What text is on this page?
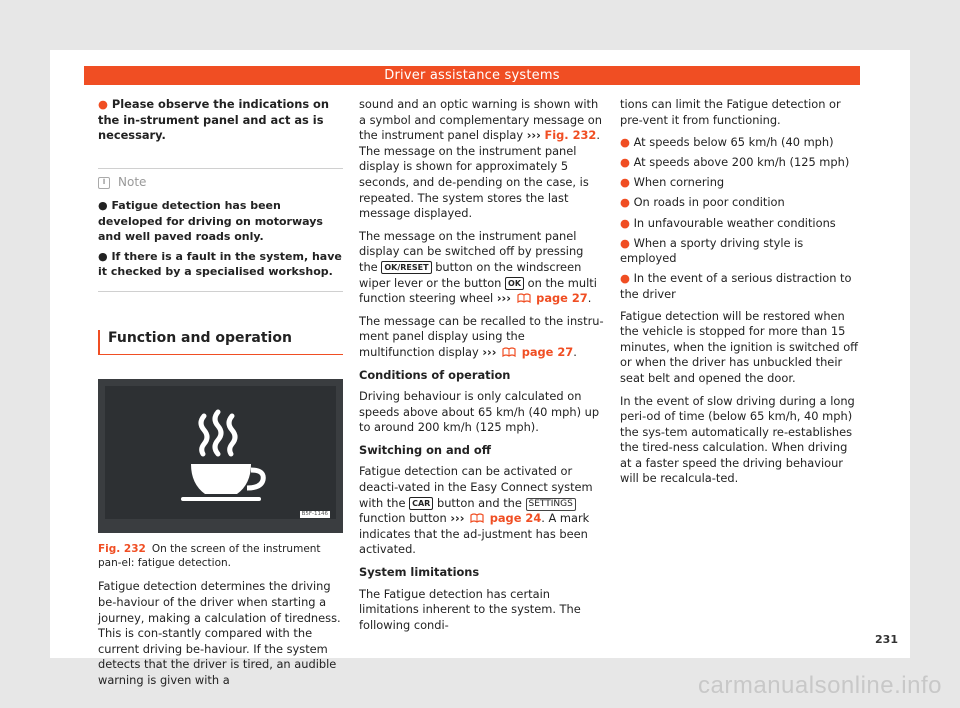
Driver assistance systems
● Please observe the indications on the in-strument panel and act as is necessary.
i	Note

● Fatigue detection has been developed for driving on motorways and well paved roads only.

● If there is a fault in the system, have it checked by a specialised workshop.

Function and operation
B5F-1146
Fig. 232 On the screen of the instrument pan-el: fatigue detection.
Fatigue detection determines the driving be-haviour of the driver when starting a journey, making a calculation of tiredness. This is con-stantly compared with the current driving be-haviour. If the system detects that the driver is tired, an audible warning is given with a

sound and an optic warning is shown with a symbol and complementary message on the instrument panel display ››› Fig. 232. The message on the instrument panel display is shown for approximately 5 seconds, and de-pending on the case, is repeated. The system stores the last message displayed.

The message on the instrument panel display can be switched off by pressing the OK/RESET button on the windscreen wiper lever or the button OK on the multi function steering wheel ››› page 27.

The message can be recalled to the instru-ment panel display using the multifunction display ››› page 27.

Conditions of operation

Driving behaviour is only calculated on speeds above about 65 km/h (40 mph) up to around 200 km/h (125 mph).

Switching on and off

Fatigue detection can be activated or deacti-vated in the Easy Connect system with the CAR button and the SETTINGS function button ››› page 24. A mark indicates that the ad-justment has been activated.

System limitations

The Fatigue detection has certain limitations inherent to the system. The following condi-

tions can limit the Fatigue detection or pre-vent it from functioning.

● At speeds below 65 km/h (40 mph)
● At speeds above 200 km/h (125 mph)
● When cornering
● On roads in poor condition
● In unfavourable weather conditions
● When a sporty driving style is employed
● In the event of a serious distraction to the driver

Fatigue detection will be restored when the vehicle is stopped for more than 15 minutes, when the ignition is switched off or when the driver has unbuckled their seat belt and opened the door.

In the event of slow driving during a long peri-od of time (below 65 km/h, 40 mph) the sys-tem automatically re-establishes the tired-ness calculation. When driving at a faster speed the driving behaviour will be recalcula-ted.

231
carmanualsonline.info
